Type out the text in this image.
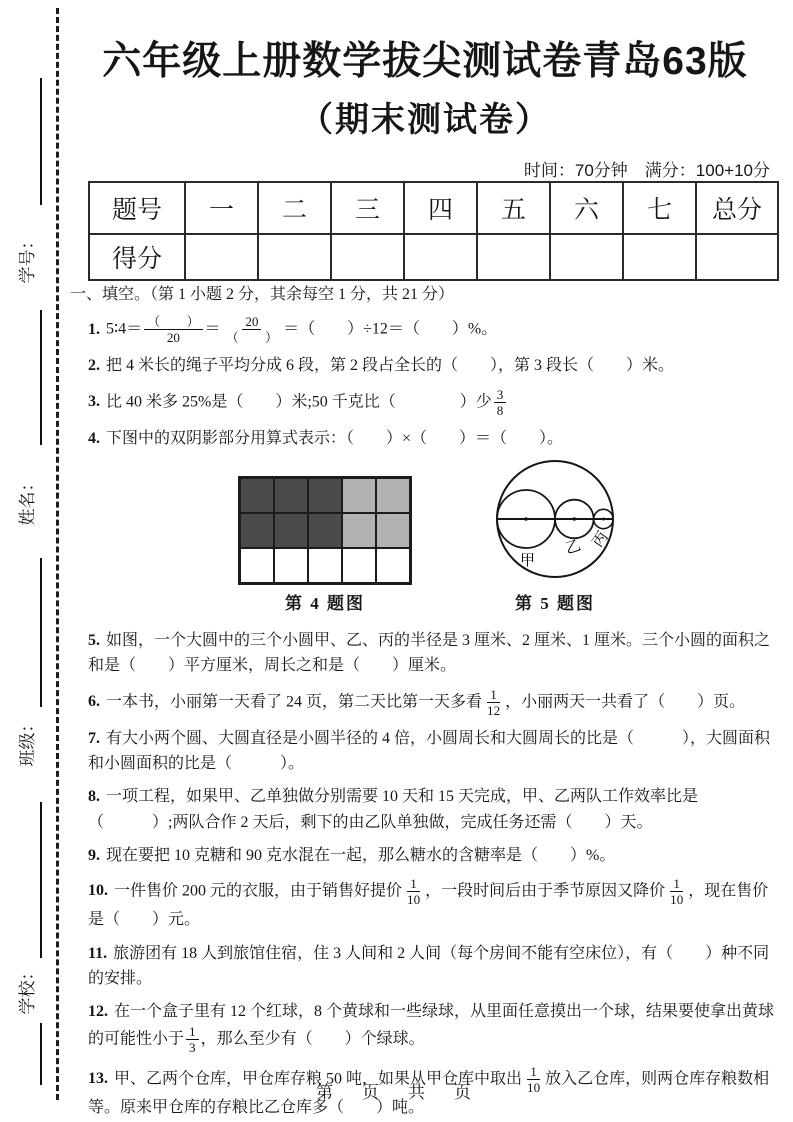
学号：
姓名：
班级：
学校：
六年级上册数学拔尖测试卷青岛63版
（期末测试卷）
时间：70分钟　满分：100+10分
题号	一	二	三	四	五	六	七	总分
得分								
一、填空。（第 1 小题 2 分，其余每空 1 分，共 21 分）
1. 5∶4＝ $\frac{( )}{20} = \frac{20}{( )}$ ＝（　　）÷12＝（　　）%。
2. 把 4 米长的绳子平均分成 6 段，第 2 段占全长的（　　），第 3 段长（　　）米。
3. 比 40 米多 25%是（　　）米;50 千克比（　　　　）少 $\frac{3}{8}$
4. 下图中的双阴影部分用算式表示：（　　）×（　　）＝（　　）。
第 4 题图
甲
乙 丙
第 5 题图
5. 如图，一个大圆中的三个小圆甲、乙、丙的半径是 3 厘米、2 厘米、1 厘米。三个小圆的面积之和是（　　）平方厘米，周长之和是（　　）厘米。
6. 一本书，小丽第一天看了 24 页，第二天比第一天多看 $\frac{1}{12}$ ，小丽两天一共看了（　　）页。
7. 有大小两个圆、大圆直径是小圆半径的 4 倍，小圆周长和大圆周长的比是（　　　），大圆面积和小圆面积的比是（　　　）。
8. 一项工程，如果甲、乙单独做分别需要 10 天和 15 天完成，甲、乙两队工作效率比是（　　　）;两队合作 2 天后，剩下的由乙队单独做，完成任务还需（　　）天。
9. 现在要把 10 克糖和 90 克水混在一起，那么糖水的含糖率是（　　）%。
10. 一件售价 200 元的衣服，由于销售好提价 $\frac{1}{10}$ ，一段时间后由于季节原因又降价 $\frac{1}{10}$ ，现在售价是（　　）元。
11. 旅游团有 18 人到旅馆住宿，住 3 人间和 2 人间（每个房间不能有空床位），有（　　）种不同的安排。
12. 在一个盒子里有 12 个红球，8 个黄球和一些绿球，从里面任意摸出一个球，结果要使拿出黄球的可能性小于 $\frac{1}{3}$ ，那么至少有（　　）个绿球。
13. 甲、乙两个仓库，甲仓库存粮 50 吨，如果从甲仓库中取出 $\frac{1}{10}$ 放入乙仓库，则两仓库存粮数相等。原来甲仓库的存粮比乙仓库多（　　）吨。
第　页　共　页
